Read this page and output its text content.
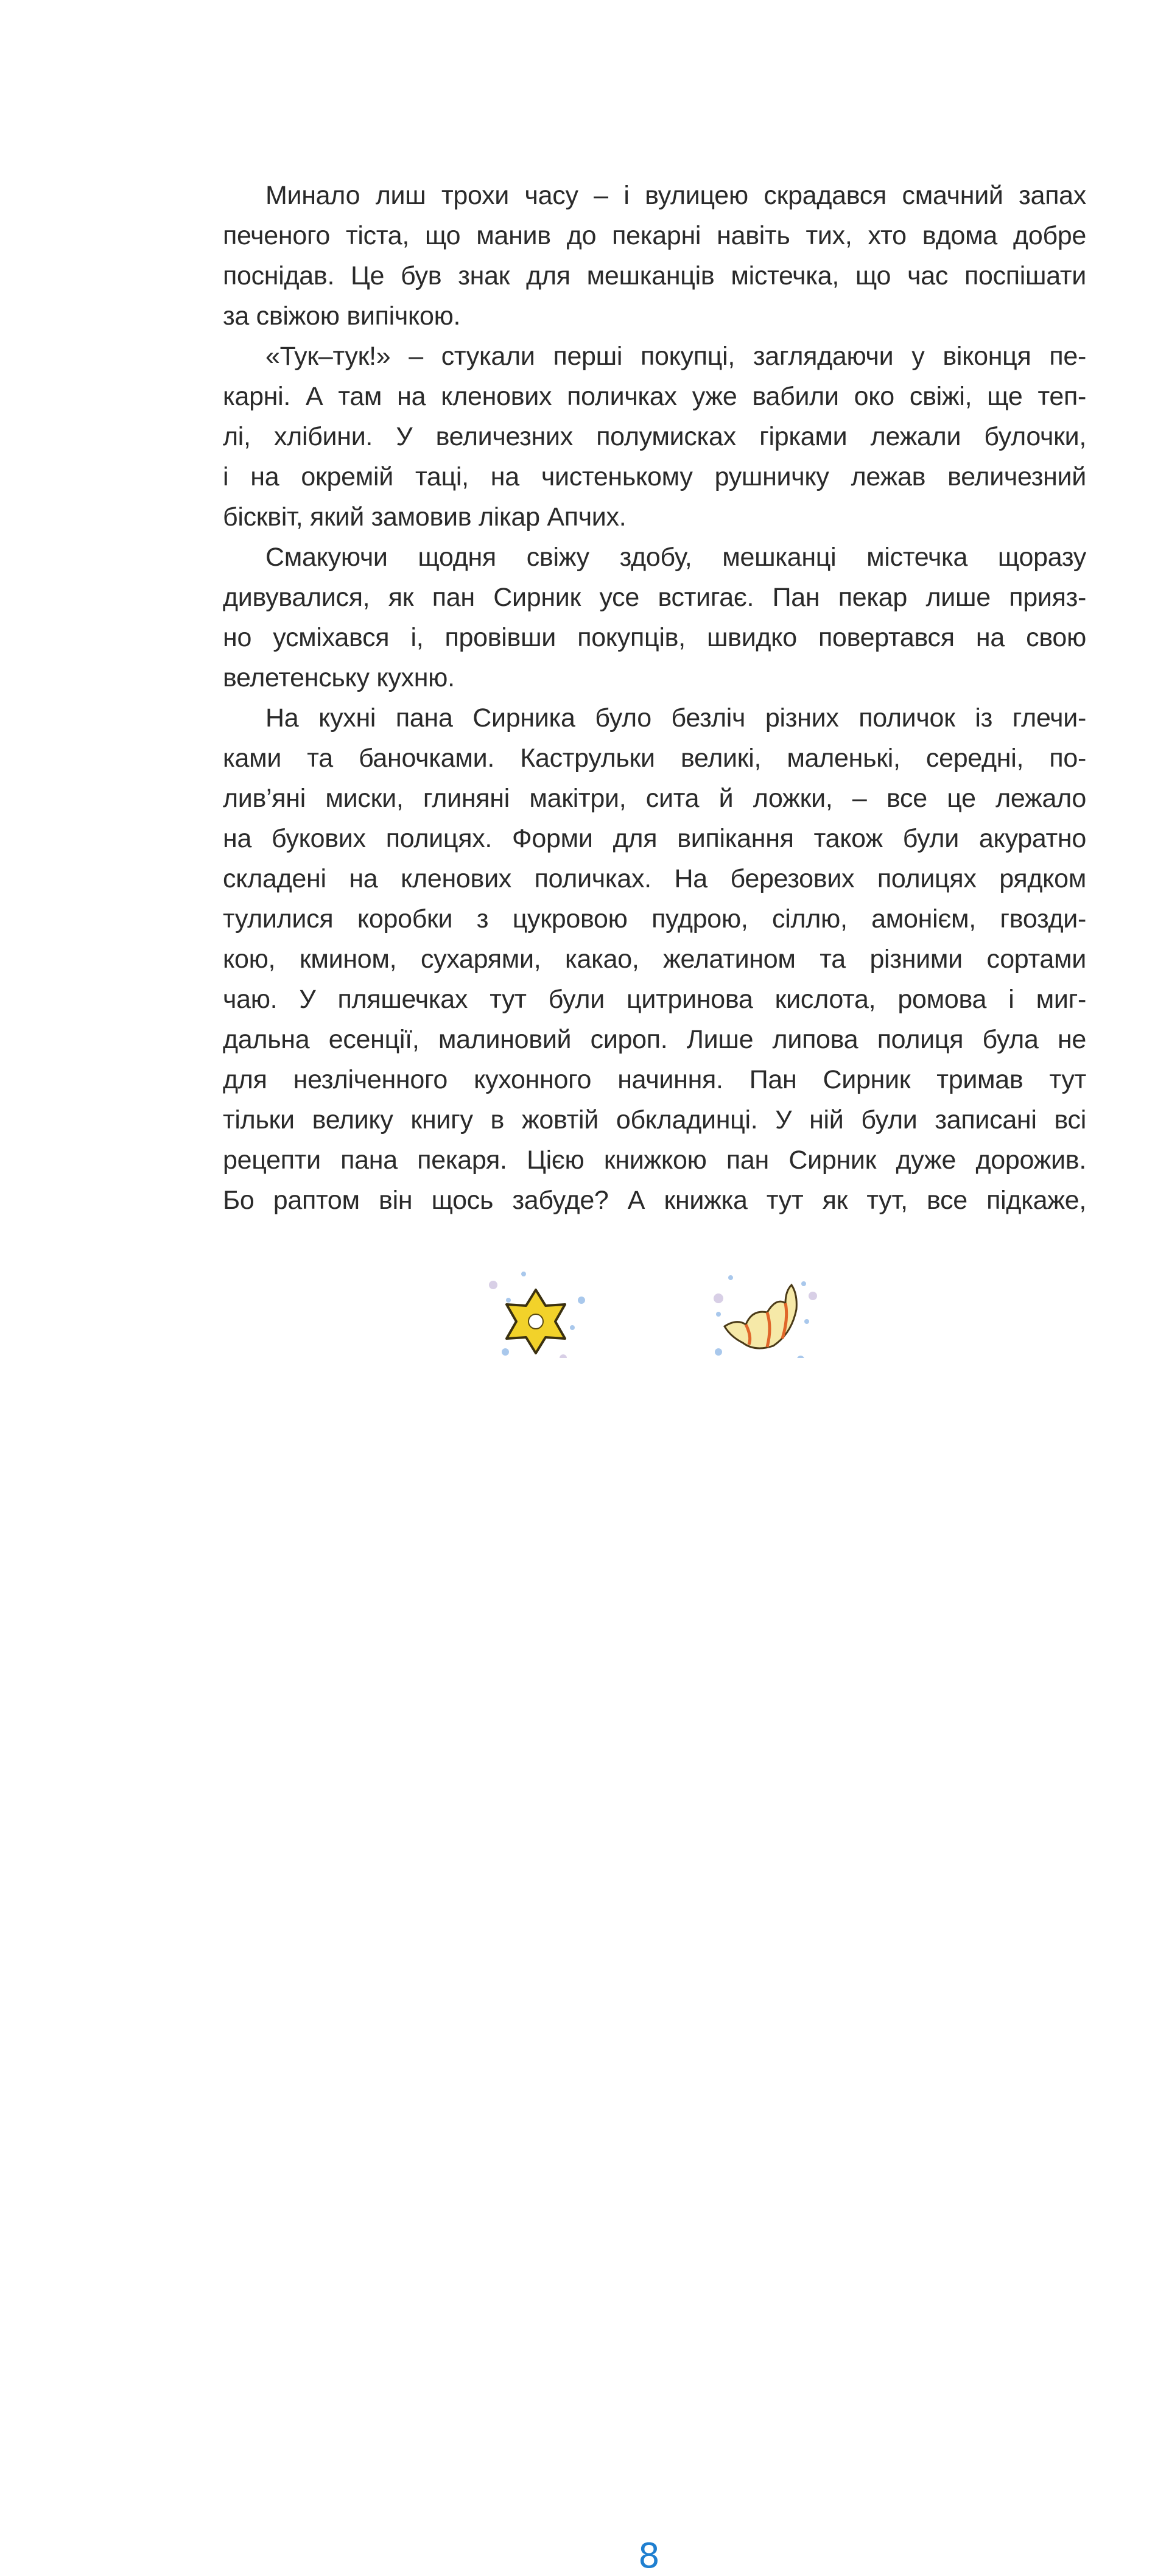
Минало лиш трохи часу – і вулицею скрадався смачний запах
печеного тіста, що манив до пекарні навіть тих, хто вдома добре
поснідав. Це був знак для мешканців містечка, що час поспішати
за свіжою випічкою.
«Тук–тук!» – стукали перші покупці, заглядаючи у віконця пе-
карні. А там на кленових поличках уже вабили око свіжі, ще теп-
лі, хлібини. У величезних полумисках гірками лежали булочки,
і на окремій таці, на чистенькому рушничку лежав величезний
бісквіт, який замовив лікар Апчих.
Смакуючи щодня свіжу здобу, мешканці містечка щоразу
дивувалися, як пан Сирник усе встигає. Пан пекар лише прияз-
но усміхався і, провівши покупців, швидко повертався на свою
велетенську кухню.
На кухні пана Сирника було безліч різних поличок із глечи-
ками та баночками. Каструльки великі, маленькі, середні, по-
лив’яні миски, глиняні макітри, сита й ложки, – все це лежало
на букових полицях. Форми для випікання також були акуратно
складені на кленових поличках. На березових полицях рядком
тулилися коробки з цукровою пудрою, сіллю, амонієм, гвозди-
кою, кмином, сухарями, какао, желатином та різними сортами
чаю. У пляшечках тут були цитринова кислота, ромова і миг-
дальна есенції, малиновий сироп. Лише липова полиця була не
для незліченного кухонного начиння. Пан Сирник тримав тут
тільки велику книгу в жовтій обкладинці. У ній були записані всі
рецепти пана пекаря. Цією книжкою пан Сирник дуже дорожив.
Бо раптом він щось забуде? А книжка тут як тут, все підкаже,
8
